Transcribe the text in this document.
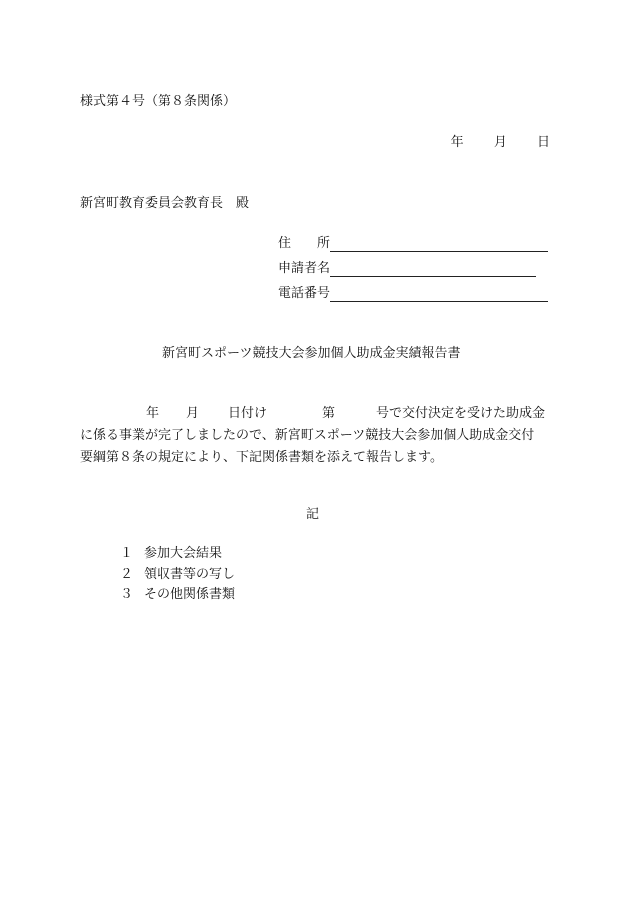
様式第４号（第８条関係）
年 月 日
新宮町教育委員会教育長　殿
住　　所
申請者名
電話番号
新宮町スポーツ競技大会参加個人助成金実績報告書
年 月 日付け	第	号で交付決定を受けた助成金
に係る事業が完了しましたので、新宮町スポーツ競技大会参加個人助成金交付
要綱第８条の規定により、下記関係書類を添えて報告します。
記
１ 参加大会結果
２ 領収書等の写し
３ その他関係書類
